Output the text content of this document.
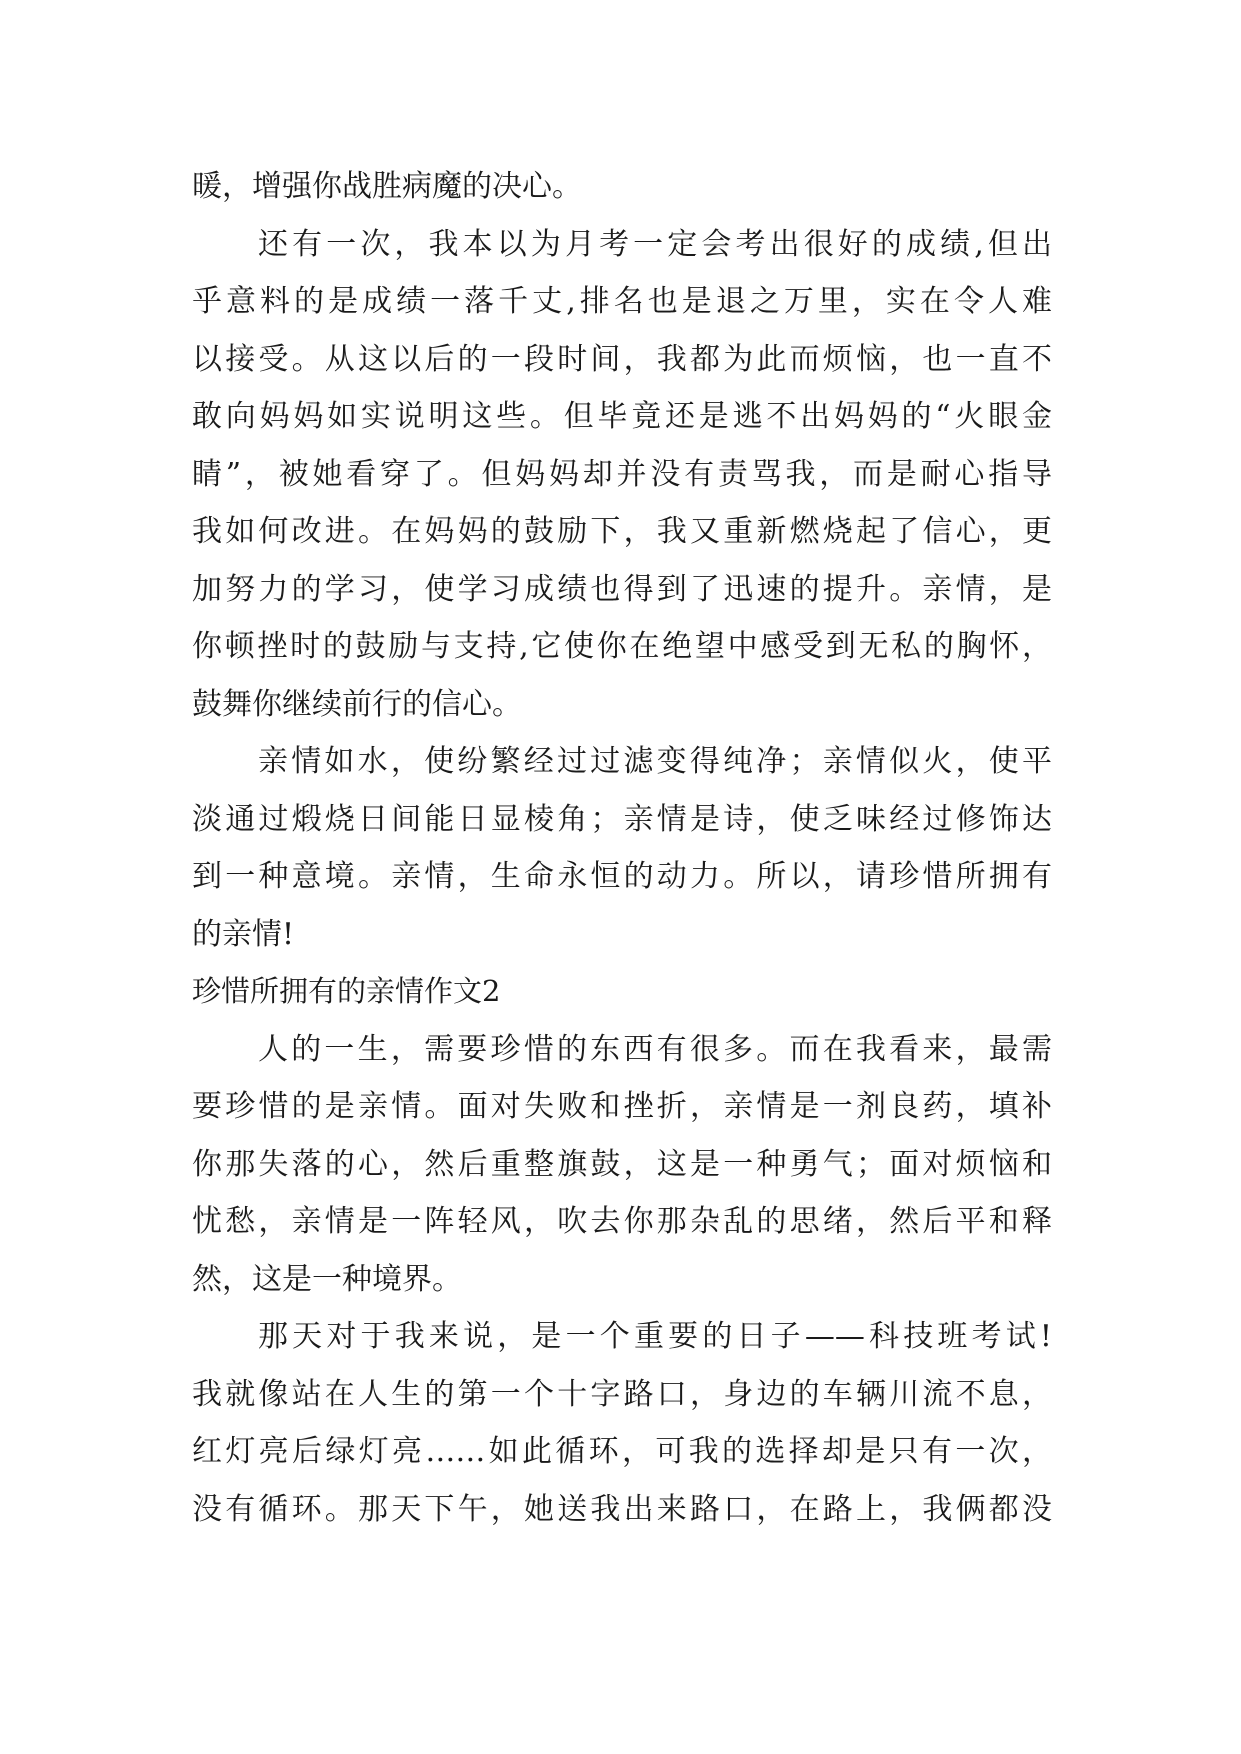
暖，增强你战胜病魔的决心。
还有一次，我本以为月考一定会考出很好的成绩,但出
乎意料的是成绩一落千丈,排名也是退之万里，实在令人难
以接受。从这以后的一段时间，我都为此而烦恼，也一直不
敢向妈妈如实说明这些。但毕竟还是逃不出妈妈的“火眼金
睛”，被她看穿了。但妈妈却并没有责骂我，而是耐心指导
我如何改进。在妈妈的鼓励下，我又重新燃烧起了信心，更
加努力的学习，使学习成绩也得到了迅速的提升。亲情，是
你顿挫时的鼓励与支持,它使你在绝望中感受到无私的胸怀，
鼓舞你继续前行的信心。
亲情如水，使纷繁经过过滤变得纯净；亲情似火，使平
淡通过煅烧日间能日显棱角；亲情是诗，使乏味经过修饰达
到一种意境。亲情，生命永恒的动力。所以，请珍惜所拥有
的亲情!
珍惜所拥有的亲情作文2
人的一生，需要珍惜的东西有很多。而在我看来，最需
要珍惜的是亲情。面对失败和挫折，亲情是一剂良药，填补
你那失落的心，然后重整旗鼓，这是一种勇气；面对烦恼和
忧愁，亲情是一阵轻风，吹去你那杂乱的思绪，然后平和释
然，这是一种境界。
那天对于我来说，是一个重要的日子——科技班考试!
我就像站在人生的第一个十字路口，身边的车辆川流不息，
红灯亮后绿灯亮……如此循环，可我的选择却是只有一次，
没有循环。那天下午，她送我出来路口，在路上，我俩都没
